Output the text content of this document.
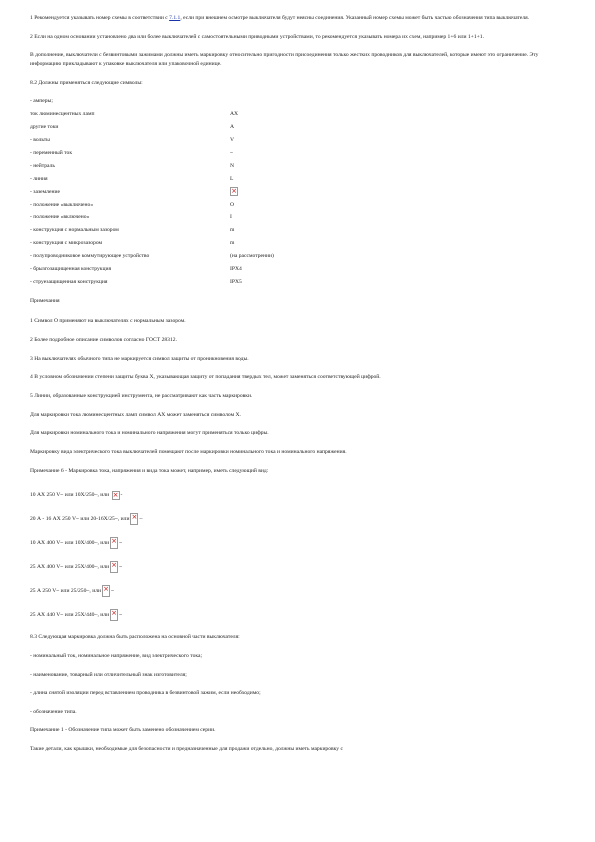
1 Рекомендуется указывать номер схемы в соответствии с 7.1.1, если при внешнем осмотре выключателя будут неясны соединения. Указанный номер схемы может быть частью обозначения типа выключателя.

2 Если на одном основании установлено два или более выключателей с самостоятельными приводными устройствами, то рекомендуется указывать номера их схем, например 1+6 или 1+1+1.

В дополнение, выключатели с безвинтовыми зажимами должны иметь маркировку относительно пригодности присоединения только жестких проводников для выключателей, которые имеют это ограничение. Эту информацию прикладывают к упаковке выключателя или упаковочной единице.

8.2 Должны применяться следующие символы:

- амперы;	
ток люминесцентных ламп	АХ
другие токи	А
- вольты	V
- переменный ток	~
- нейтраль	N
- линия	L
- заземление	×
- положение «выключено»	O
- положение «включено»	I
- конструкция с нормальным зазором	m
- конструкция с микрозазором	m
- полупроводниковое коммутирующее устройство	(на рассмотрении)
- брызгозащищенная конструкция	IPX4
- струезащищенная конструкция	IPX5

Примечания

1 Символ O применяют на выключателях с нормальным зазором.

2 Более подробное описание символов согласно ГОСТ 28312.

3 На выключателях обычного типа не маркируется символ защиты от проникновения воды.

4 В условном обозначении степени защиты буква X, указывающая защиту от попадания твердых тел, может заменяться соответствующей цифрой.

5 Линии, образованные конструкцией инструмента, не рассматривают как часть маркировки.

Для маркировки тока люминесцентных ламп символ АХ может заменяться символом X.

Для маркировки номинального тока и номинального напряжения могут применяться только цифры.

Маркировку вида электрического тока выключателей помещают после маркировки номинального тока и номинального напряжения.

Примечание 6 - Маркировка тока, напряжения и вида тока может, например, иметь следующий вид:

10 АХ 250 V~ или 10X/250~, или
× -
20 А - 16 АХ 250 V~ или 20-16X/25~, или × ~
10 АХ 400 V~ или 10X/400~, или × ~
25 АХ 400 V~ или 25X/400~, или × ~
25 А 250 V~ или 25/250~, или × ~
25 АХ 440 V~ или 25X/440~, или × ~

8.3 Следующая маркировка должна быть расположена на основной части выключателя:

- номинальный ток, номинальное напряжение, вид электрического тока;

- наименование, товарный или отличительный знак изготовителя;

- длина снятой изоляции перед вставлением проводника в безвинтовой зажим, если необходимо;

- обозначение типа.

Примечание 1 - Обозначение типа может быть заменено обозначением серии.

Такие детали, как крышки, необходимые для безопасности и предназначенные для продажи отдельно, должны иметь маркировку с
